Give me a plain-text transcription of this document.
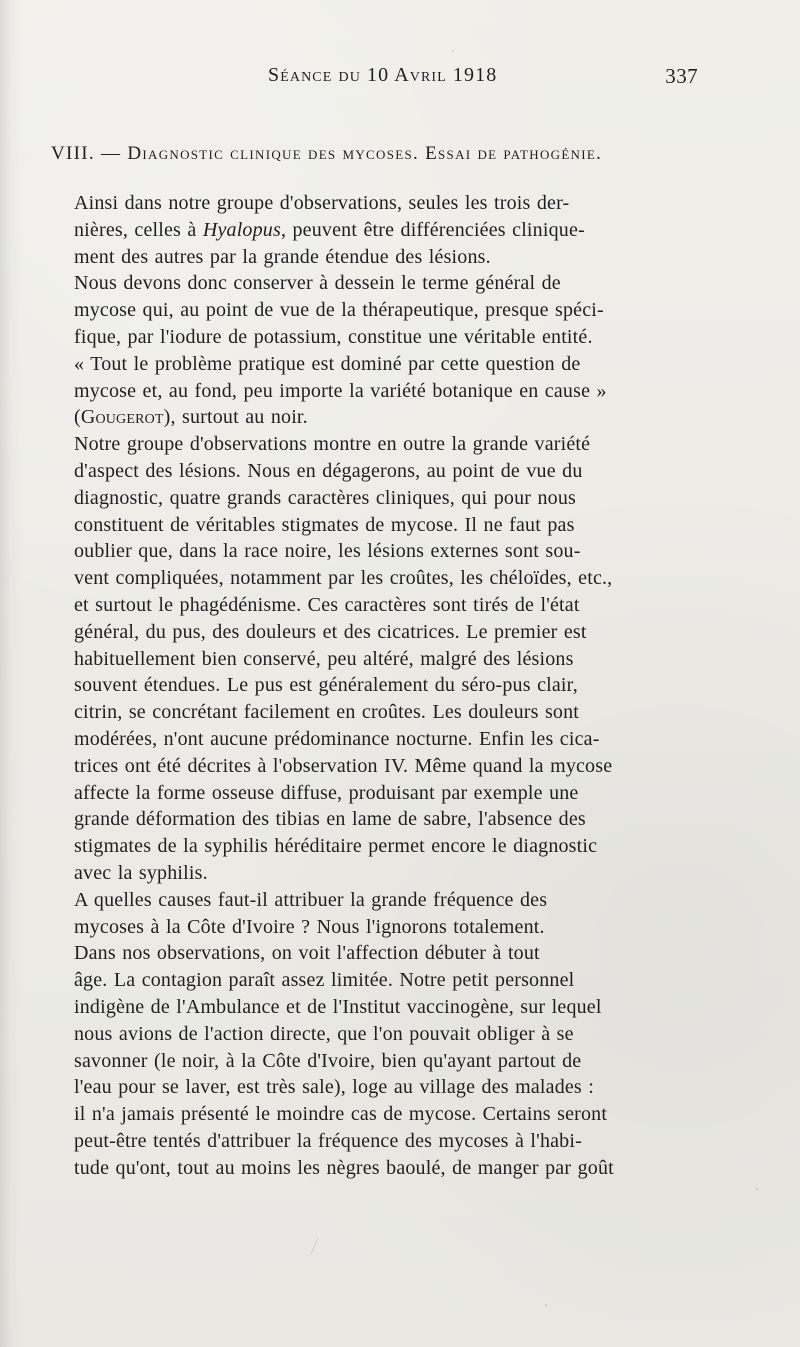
Séance du 10 Avril 1918	337
VIII. — Diagnostic clinique des mycoses. Essai de pathogénie.

Ainsi dans notre groupe d'observations, seules les trois der-
nières, celles à Hyalopus, peuvent être différenciées clinique-
ment des autres par la grande étendue des lésions.

Nous devons donc conserver à dessein le terme général de
mycose qui, au point de vue de la thérapeutique, presque spéci-
fique, par l'iodure de potassium, constitue une véritable entité.
« Tout le problème pratique est dominé par cette question de
mycose et, au fond, peu importe la variété botanique en cause »
(Gougerot), surtout au noir.

Notre groupe d'observations montre en outre la grande variété
d'aspect des lésions. Nous en dégagerons, au point de vue du
diagnostic, quatre grands caractères cliniques, qui pour nous
constituent de véritables stigmates de mycose. Il ne faut pas
oublier que, dans la race noire, les lésions externes sont sou-
vent compliquées, notamment par les croûtes, les chéloïdes, etc.,
et surtout le phagédénisme. Ces caractères sont tirés de l'état
général, du pus, des douleurs et des cicatrices. Le premier est
habituellement bien conservé, peu altéré, malgré des lésions
souvent étendues. Le pus est généralement du séro-pus clair,
citrin, se concrétant facilement en croûtes. Les douleurs sont
modérées, n'ont aucune prédominance nocturne. Enfin les cica-
trices ont été décrites à l'observation IV. Même quand la mycose
affecte la forme osseuse diffuse, produisant par exemple une
grande déformation des tibias en lame de sabre, l'absence des
stigmates de la syphilis héréditaire permet encore le diagnostic
avec la syphilis.

A quelles causes faut-il attribuer la grande fréquence des
mycoses à la Côte d'Ivoire ? Nous l'ignorons totalement.

Dans nos observations, on voit l'affection débuter à tout
âge. La contagion paraît assez limitée. Notre petit personnel
indigène de l'Ambulance et de l'Institut vaccinogène, sur lequel
nous avions de l'action directe, que l'on pouvait obliger à se
savonner (le noir, à la Côte d'Ivoire, bien qu'ayant partout de
l'eau pour se laver, est très sale), loge au village des malades :
il n'a jamais présenté le moindre cas de mycose. Certains seront
peut-être tentés d'attribuer la fréquence des mycoses à l'habi-
tude qu'ont, tout au moins les nègres baoulé, de manger par goût
